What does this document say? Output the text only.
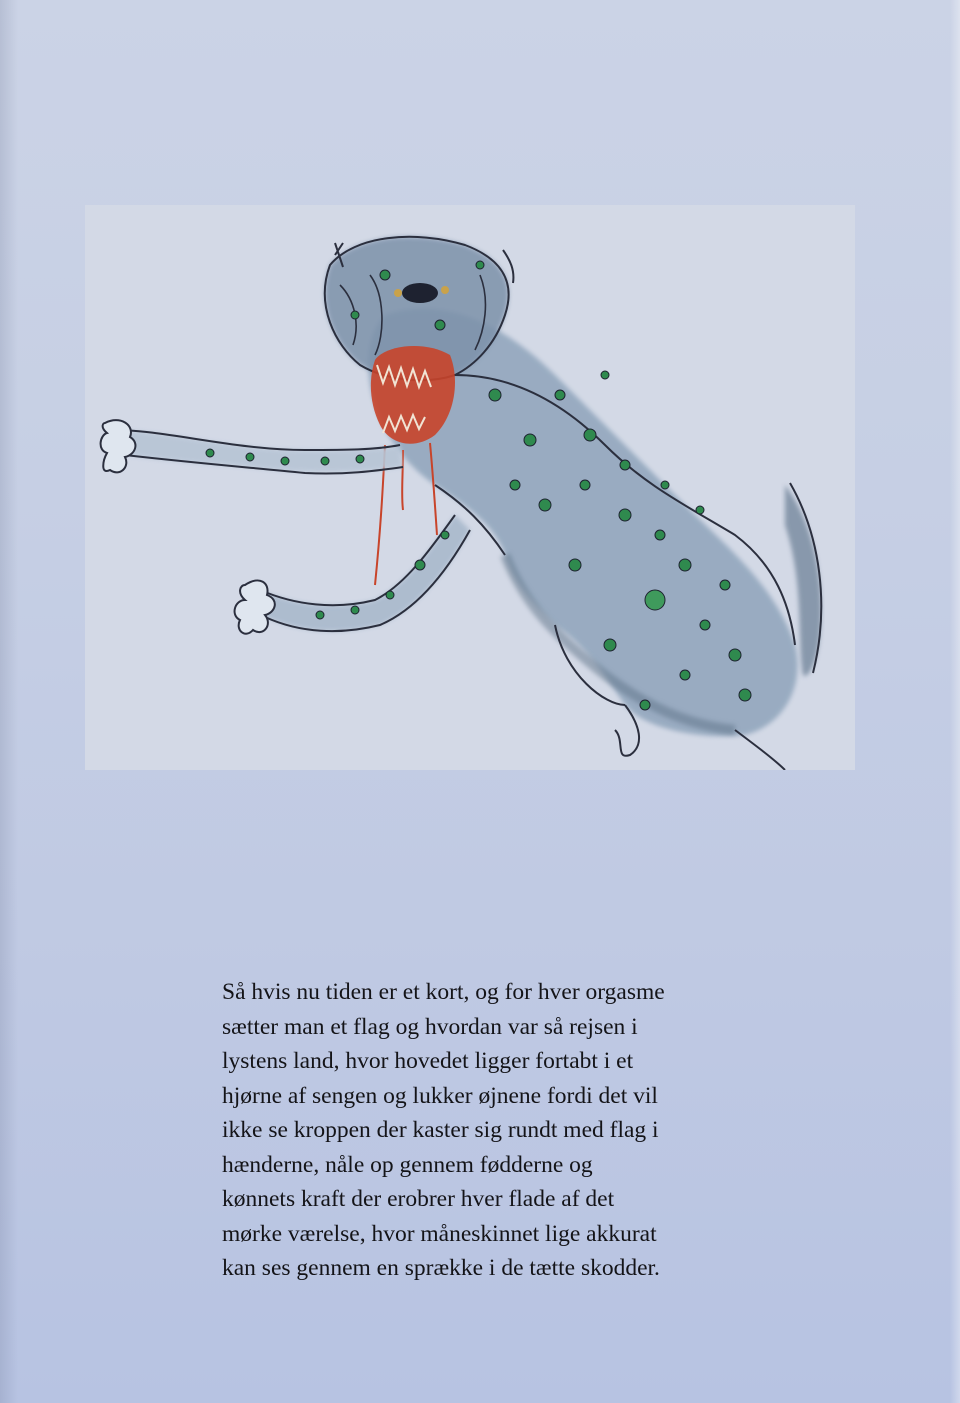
Så hvis nu tiden er et kort, og for hver orgasme
sætter man et flag og hvordan var så rejsen i
lystens land, hvor hovedet ligger fortabt i et
hjørne af sengen og lukker øjnene fordi det vil
ikke se kroppen der kaster sig rundt med flag i
hænderne, nåle op gennem fødderne og
kønnets kraft der erobrer hver flade af det
mørke værelse, hvor måneskinnet lige akkurat
kan ses gennem en sprække i de tætte skodder.
